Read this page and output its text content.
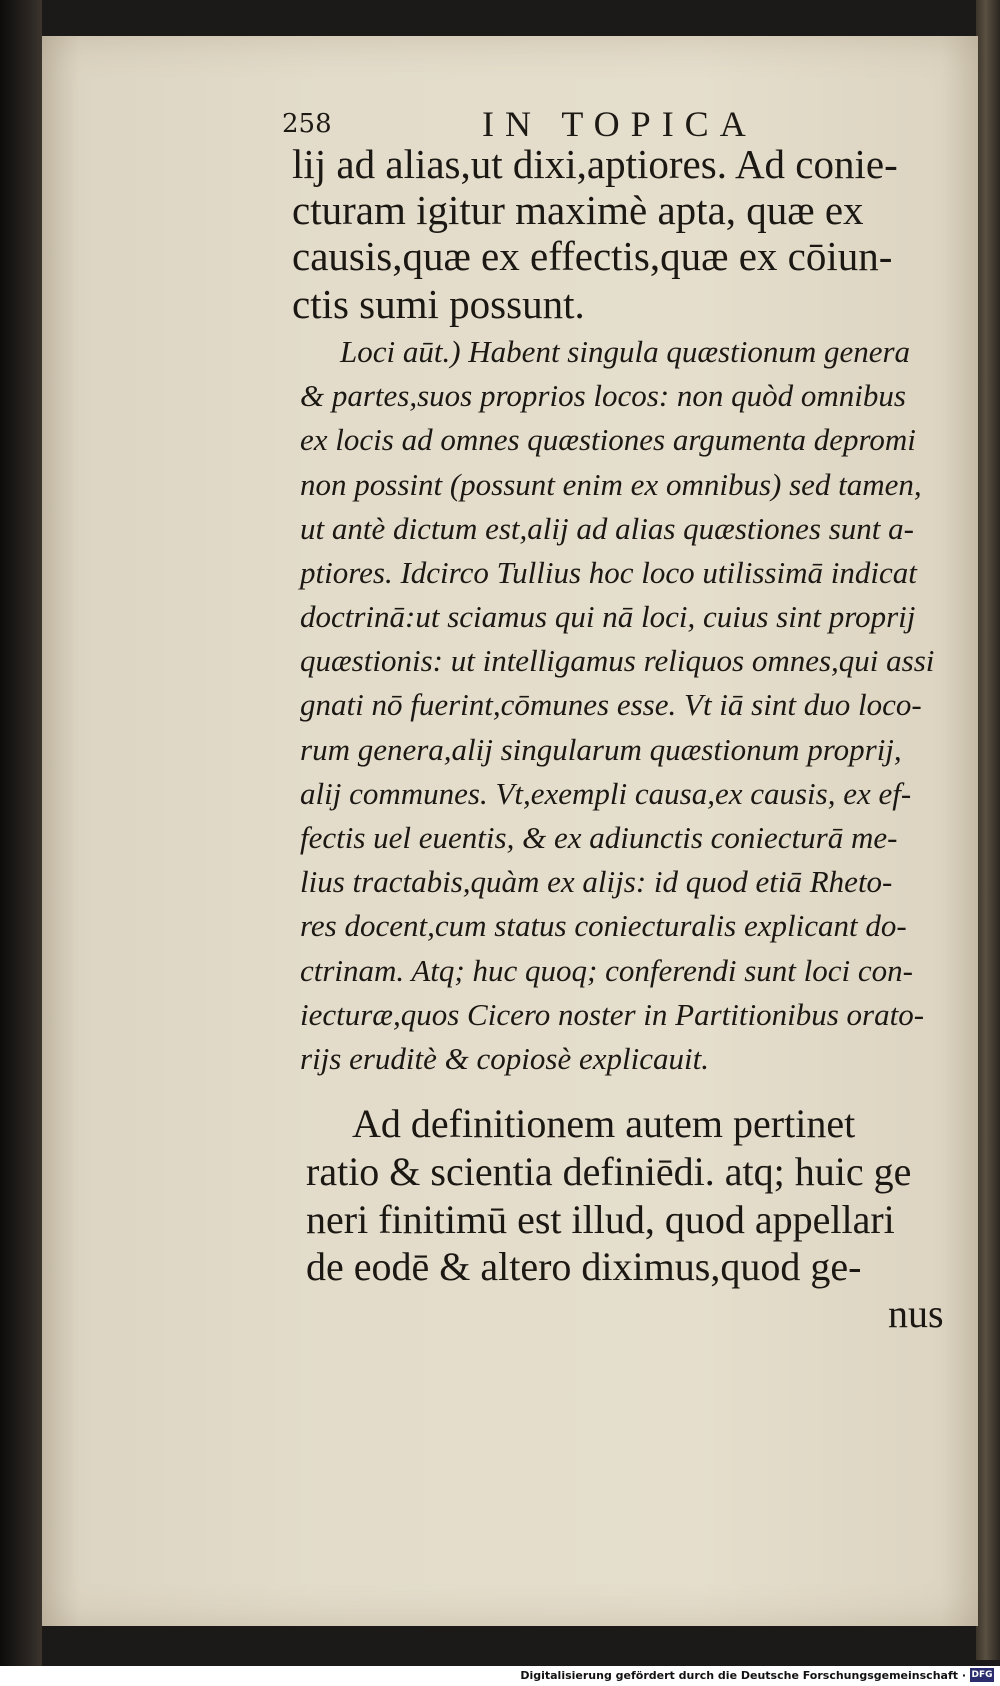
258	IN TOPICA
lij ad alias,ut dixi,aptiores. Ad conie-
cturam igitur maximè apta, quæ ex
causis,quæ ex effectis,quæ ex cōiun-
ctis sumi possunt.
Loci aūt.) Habent singula quæstionum genera
& partes,suos proprios locos: non quòd omnibus
ex locis ad omnes quæstiones argumenta depromi
non possint (possunt enim ex omnibus) sed tamen,
ut antè dictum est,alij ad alias quæstiones sunt a-
ptiores. Idcirco Tullius hoc loco utilissimā indicat
doctrinā:ut sciamus qui nā loci, cuius sint proprij
quæstionis: ut intelligamus reliquos omnes,qui assi
gnati nō fuerint,cōmunes esse. Vt iā sint duo loco-
rum genera,alij singularum quæstionum proprij,
alij communes. Vt,exempli causa,ex causis, ex ef-
fectis uel euentis, & ex adiunctis coniecturā me-
lius tractabis,quàm ex alijs: id quod etiā Rheto-
res docent,cum status coniecturalis explicant do-
ctrinam. Atq; huc quoq; conferendi sunt loci con-
iecturæ,quos Cicero noster in Partitionibus orato-
rijs eruditè & copiosè explicauit.
Ad definitionem autem pertinet
ratio & scientia definiēdi. atq; huic ge
neri finitimū est illud, quod appellari
de eodē & altero diximus,quod ge-
nus
Digitalisierung gefördert durch die Deutsche Forschungsgemeinschaft · DFG
